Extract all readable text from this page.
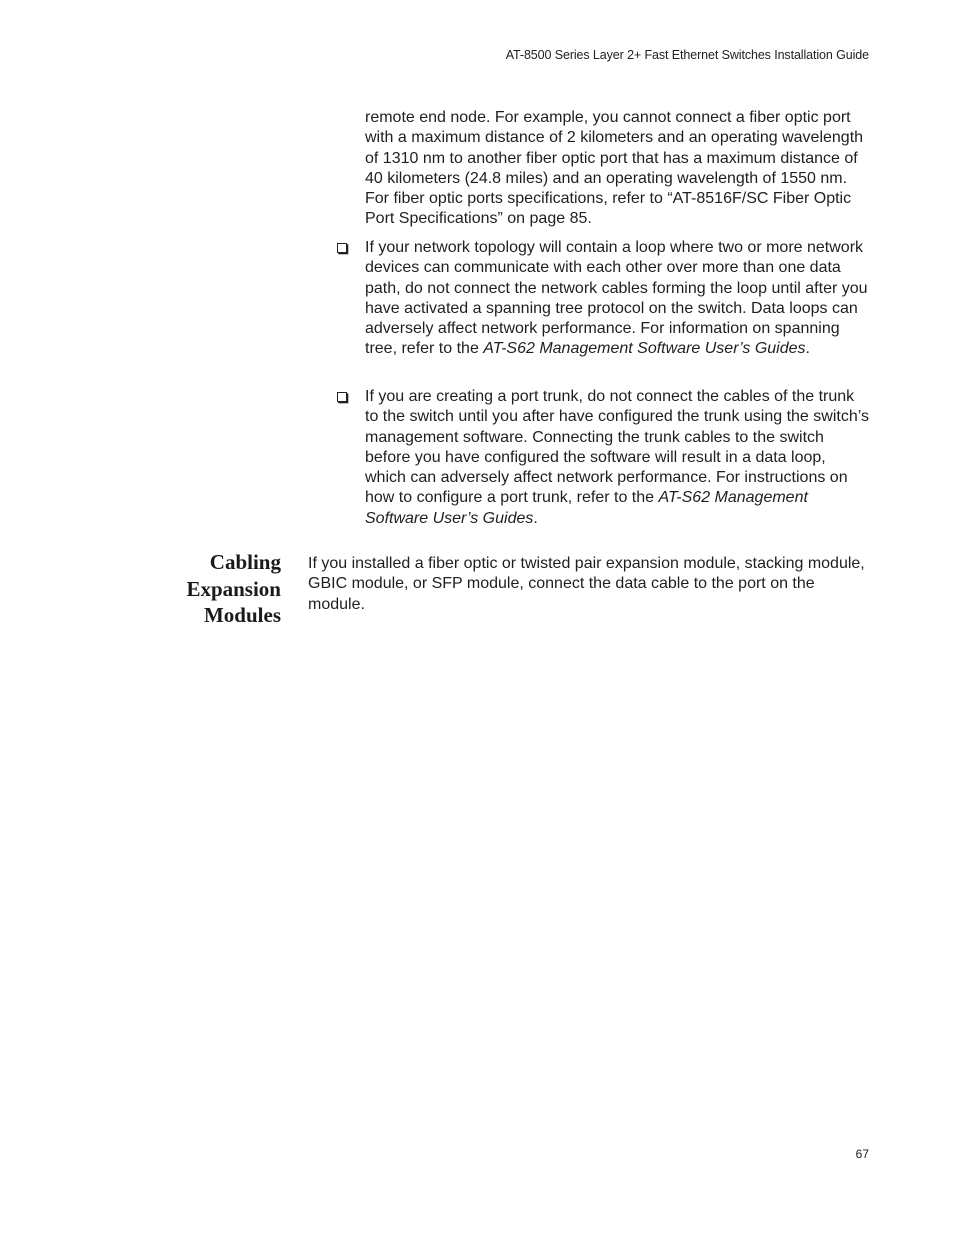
AT-8500 Series Layer 2+ Fast Ethernet Switches Installation Guide

remote end node. For example, you cannot connect a fiber optic port with a maximum distance of 2 kilometers and an operating wavelength of 1310 nm to another fiber optic port that has a maximum distance of 40 kilometers (24.8 miles) and an operating wavelength of 1550 nm. For fiber optic ports specifications, refer to “AT-8516F/SC Fiber Optic Port Specifications” on page 85.

If your network topology will contain a loop where two or more network devices can communicate with each other over more than one data path, do not connect the network cables forming the loop until after you have activated a spanning tree protocol on the switch. Data loops can adversely affect network performance. For information on spanning tree, refer to the AT-S62 Management Software User’s Guides.

If you are creating a port trunk, do not connect the cables of the trunk to the switch until you after have configured the trunk using the switch’s management software. Connecting the trunk cables to the switch before you have configured the software will result in a data loop, which can adversely affect network performance. For instructions on how to configure a port trunk, refer to the AT-S62 Management Software User’s Guides.

Cabling
Expansion
Modules

If you installed a fiber optic or twisted pair expansion module, stacking module, GBIC module, or SFP module, connect the data cable to the port on the module.

67
